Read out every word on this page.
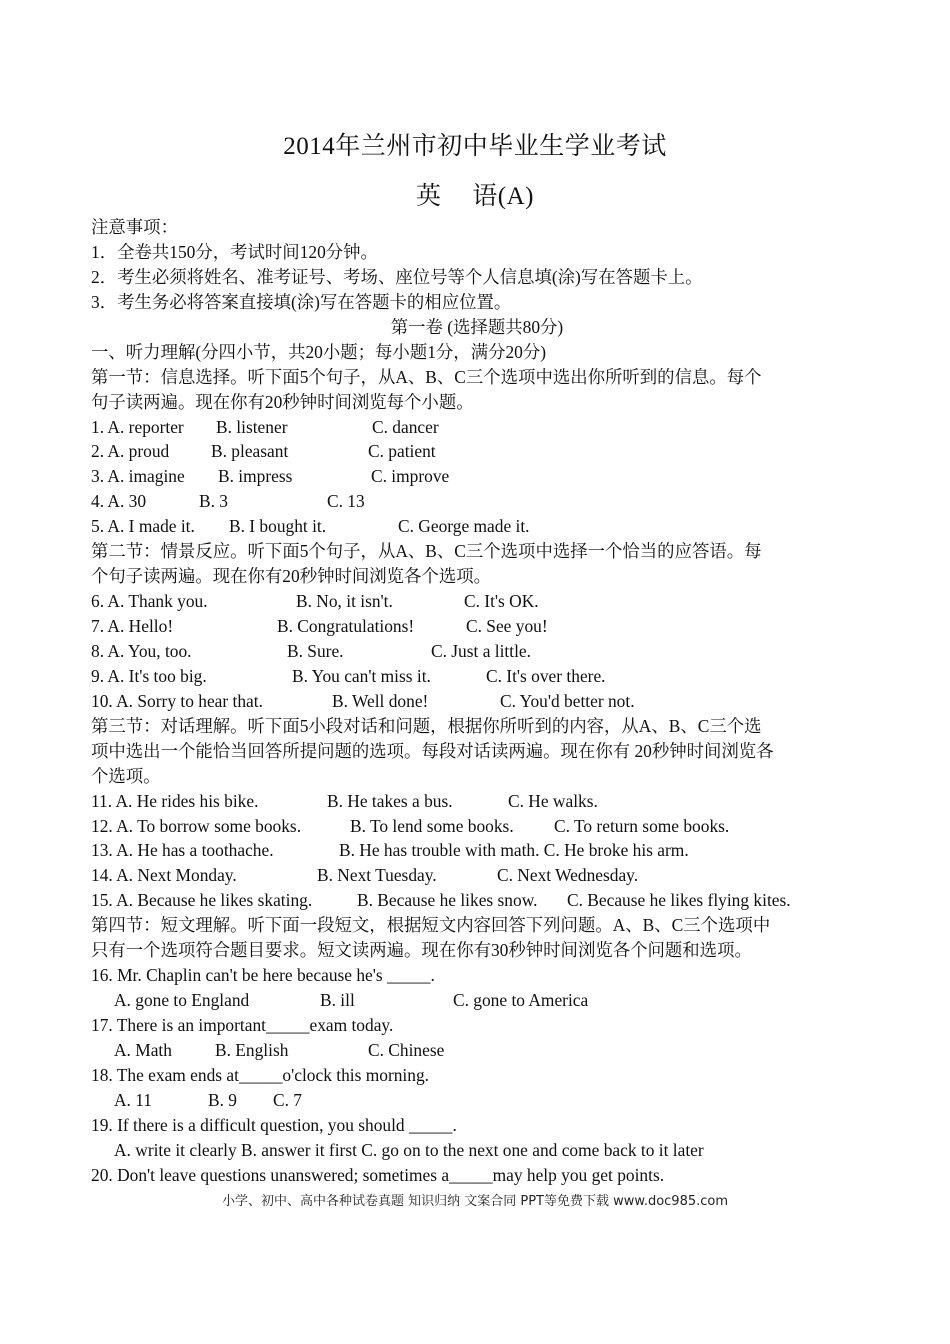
2014年兰州市初中毕业生学业考试
英 语(A)
注意事项：
1．全卷共150分，考试时间120分钟。
2．考生必须将姓名、准考证号、考场、座位号等个人信息填(涂)写在答题卡上。
3．考生务必将答案直接填(涂)写在答题卡的相应位置。
第一卷 (选择题共80分)
一、听力理解(分四小节，共20小题；每小题1分，满分20分)
第一节：信息选择。听下面5个句子，从A、B、C三个选项中选出你所听到的信息。每个
句子读两遍。现在你有20秒钟时间浏览每个小题。
1. A. reporter B. listener	C. dancer
2. A. proud B. pleasant	C. patient
3. A. imagine B. impress	C. improve
4. A. 30	B. 3	C. 13
5. A. I made it. B. I bought it.	C. George made it.
第二节：情景反应。听下面5个句子，从A、B、C三个选项中选择一个恰当的应答语。每
个句子读两遍。现在你有20秒钟时间浏览各个选项。
6. A. Thank you.	B. No, it isn't.	C. It's OK.
7. A. Hello!	B. Congratulations!	C. See you!
8. A. You, too.	B. Sure.	C. Just a little.
9. A. It's too big.	B. You can't miss it.	C. It's over there.
10. A. Sorry to hear that.	B. Well done!	C. You'd better not.
第三节：对话理解。听下面5小段对话和问题，根据你所听到的内容，从A、B、C三个选
项中选出一个能恰当回答所提问题的选项。每段对话读两遍。现在你有 20秒钟时间浏览各
个选项。
11. A. He rides his bike.	B. He takes a bus.	C. He walks.
12. A. To borrow some books.	B. To lend some books. C. To return some books.
13. A. He has a toothache.	B. He has trouble with math. C. He broke his arm.
14. A. Next Monday.	B. Next Tuesday.	C. Next Wednesday.
15. A. Because he likes skating.	B. Because he likes snow. C. Because he likes flying kites.
第四节：短文理解。听下面一段短文，根据短文内容回答下列问题。A、B、C三个选项中
只有一个选项符合题目要求。短文读两遍。现在你有30秒钟时间浏览各个问题和选项。
16. Mr. Chaplin can't be here because he's _____.
A. gone to England	B. ill	C. gone to America
17. There is an important_____exam today.
A. Math B. English	C. Chinese
18. The exam ends at_____o'clock this morning.
A. 11	B. 9 C. 7
19. If there is a difficult question, you should _____.
A. write it clearly B. answer it first C. go on to the next one and come back to it later
20. Don't leave questions unanswered; sometimes a_____may help you get points.
小学、初中、高中各种试卷真题 知识归纳 文案合同 PPT等免费下载 www.doc985.com
